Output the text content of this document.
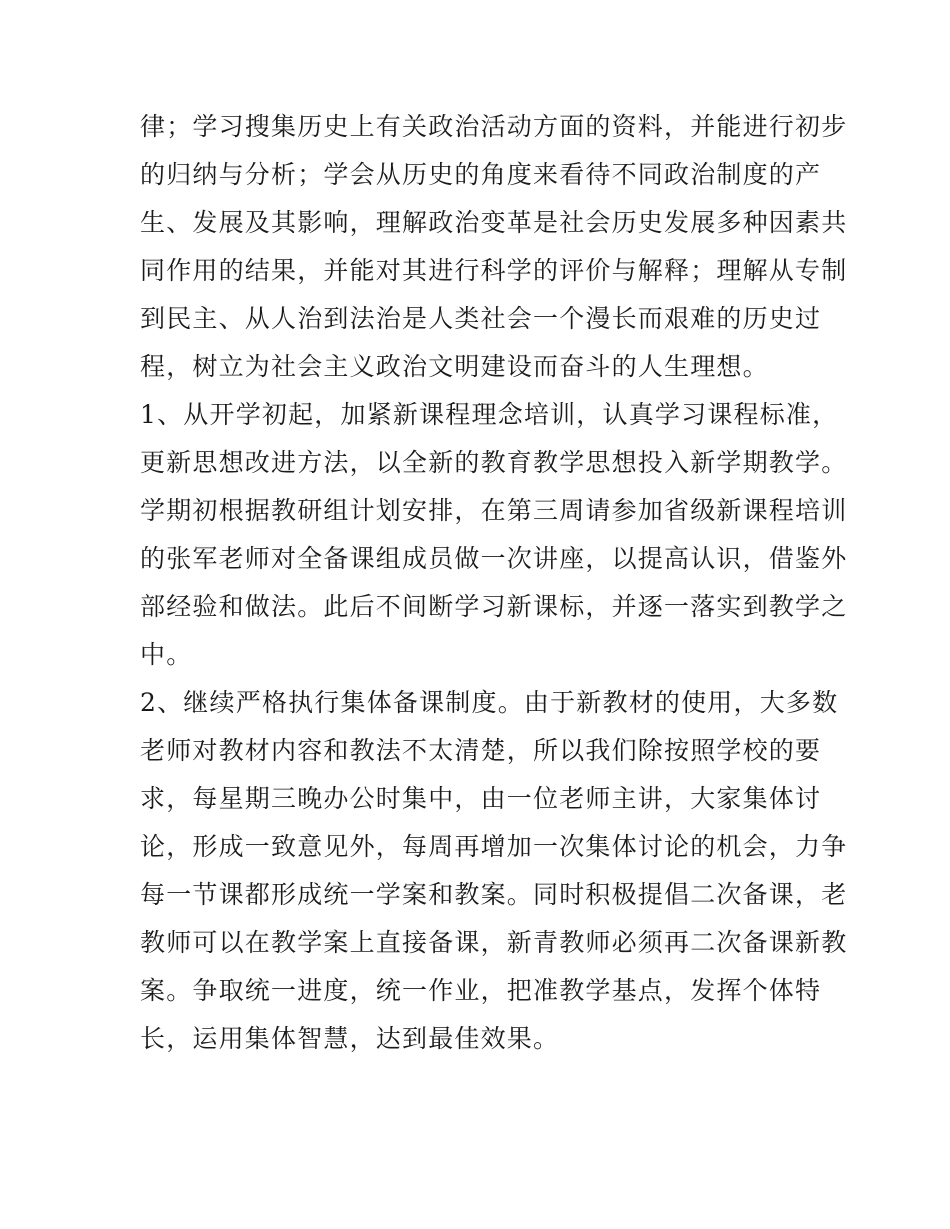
律；学习搜集历史上有关政治活动方面的资料，并能进行初步
的归纳与分析；学会从历史的角度来看待不同政治制度的产
生、发展及其影响，理解政治变革是社会历史发展多种因素共
同作用的结果，并能对其进行科学的评价与解释；理解从专制
到民主、从人治到法治是人类社会一个漫长而艰难的历史过
程，树立为社会主义政治文明建设而奋斗的人生理想。
1、从开学初起，加紧新课程理念培训，认真学习课程标准，
更新思想改进方法，以全新的教育教学思想投入新学期教学。
学期初根据教研组计划安排，在第三周请参加省级新课程培训
的张军老师对全备课组成员做一次讲座，以提高认识，借鉴外
部经验和做法。此后不间断学习新课标，并逐一落实到教学之
中。
2、继续严格执行集体备课制度。由于新教材的使用，大多数
老师对教材内容和教法不太清楚，所以我们除按照学校的要
求，每星期三晚办公时集中，由一位老师主讲，大家集体讨
论，形成一致意见外，每周再增加一次集体讨论的机会，力争
每一节课都形成统一学案和教案。同时积极提倡二次备课，老
教师可以在教学案上直接备课，新青教师必须再二次备课新教
案。争取统一进度，统一作业，把准教学基点，发挥个体特
长，运用集体智慧，达到最佳效果。
